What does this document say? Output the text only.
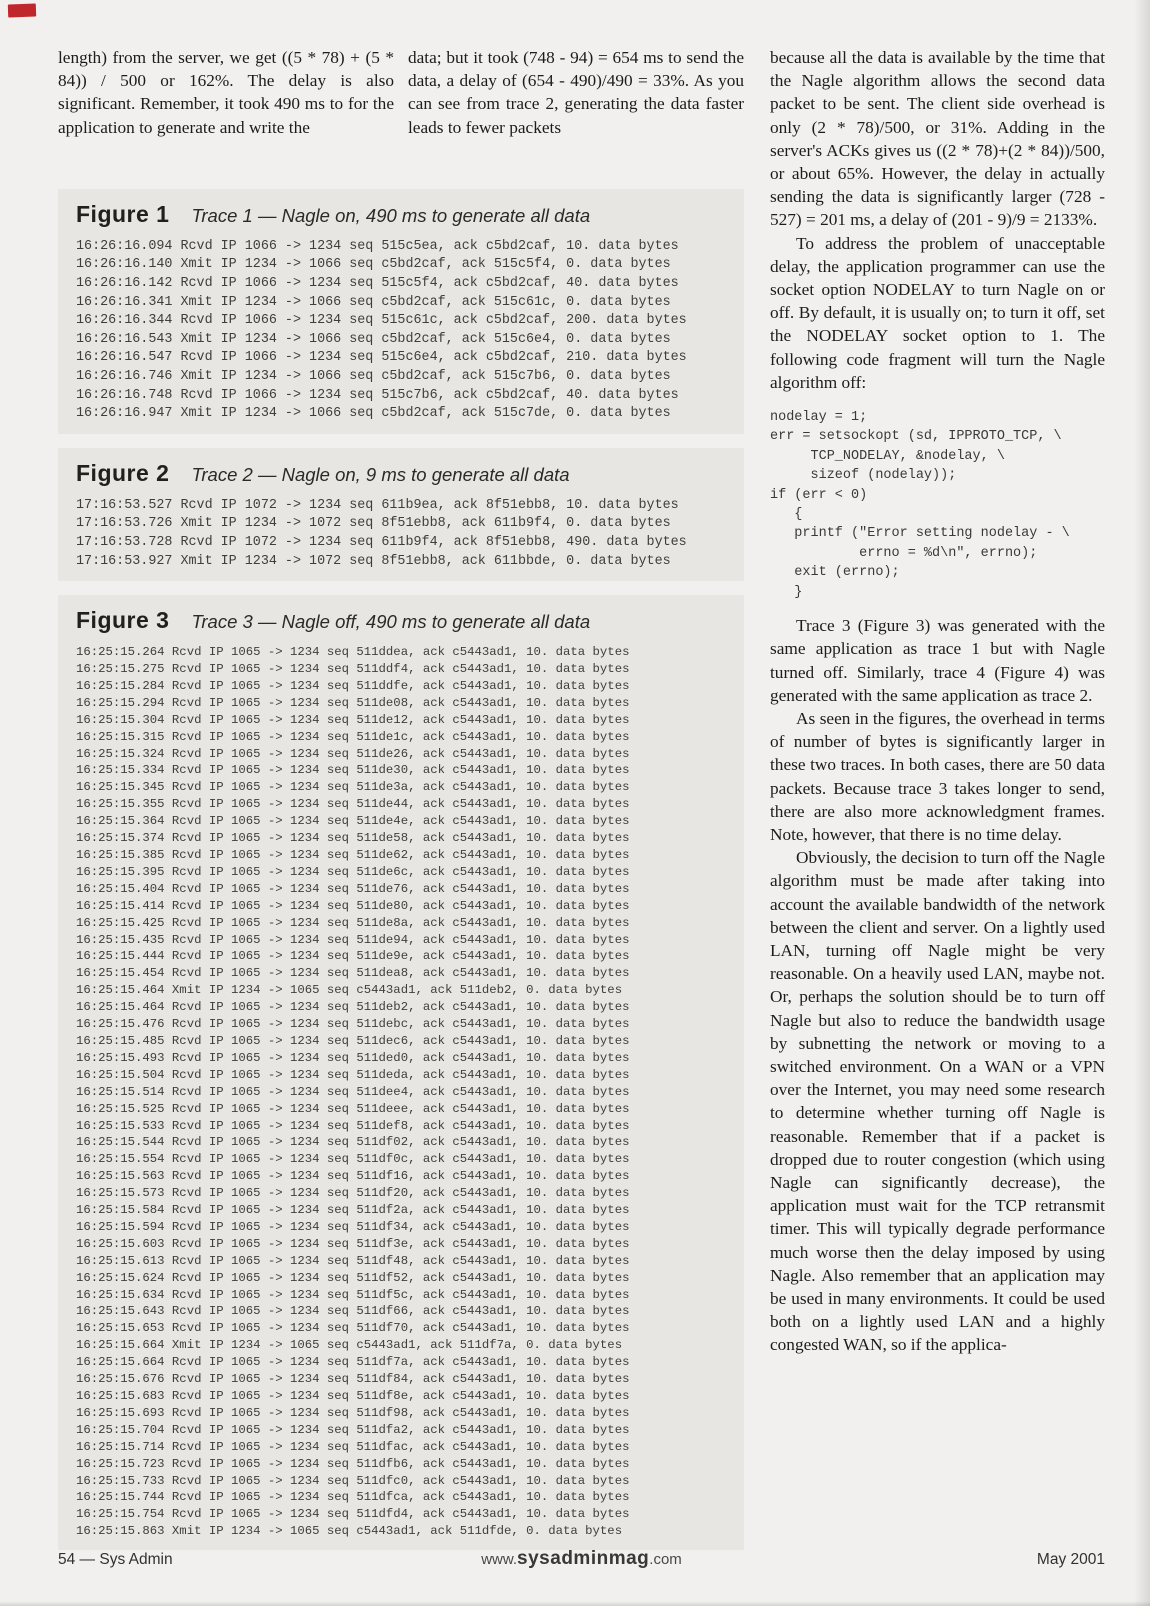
length) from the server, we get ((5 * 78) + (5 * 84)) / 500 or 162%. The delay is also significant. Remember, it took 490 ms to for the application to generate and write the

data; but it took (748 - 94) = 654 ms to send the data, a delay of (654 - 490)/490 = 33%. As you can see from trace 2, generating the data faster leads to fewer packets

Figure 1 Trace 1 — Nagle on, 490 ms to generate all data
16:26:16.094 Rcvd IP 1066 -> 1234 seq 515c5ea, ack c5bd2caf, 10. data bytes
16:26:16.140 Xmit IP 1234 -> 1066 seq c5bd2caf, ack 515c5f4, 0. data bytes
16:26:16.142 Rcvd IP 1066 -> 1234 seq 515c5f4, ack c5bd2caf, 40. data bytes
16:26:16.341 Xmit IP 1234 -> 1066 seq c5bd2caf, ack 515c61c, 0. data bytes
16:26:16.344 Rcvd IP 1066 -> 1234 seq 515c61c, ack c5bd2caf, 200. data bytes
16:26:16.543 Xmit IP 1234 -> 1066 seq c5bd2caf, ack 515c6e4, 0. data bytes
16:26:16.547 Rcvd IP 1066 -> 1234 seq 515c6e4, ack c5bd2caf, 210. data bytes
16:26:16.746 Xmit IP 1234 -> 1066 seq c5bd2caf, ack 515c7b6, 0. data bytes
16:26:16.748 Rcvd IP 1066 -> 1234 seq 515c7b6, ack c5bd2caf, 40. data bytes
16:26:16.947 Xmit IP 1234 -> 1066 seq c5bd2caf, ack 515c7de, 0. data bytes
Figure 2 Trace 2 — Nagle on, 9 ms to generate all data
17:16:53.527 Rcvd IP 1072 -> 1234 seq 611b9ea, ack 8f51ebb8, 10. data bytes
17:16:53.726 Xmit IP 1234 -> 1072 seq 8f51ebb8, ack 611b9f4, 0. data bytes
17:16:53.728 Rcvd IP 1072 -> 1234 seq 611b9f4, ack 8f51ebb8, 490. data bytes
17:16:53.927 Xmit IP 1234 -> 1072 seq 8f51ebb8, ack 611bbde, 0. data bytes
Figure 3 Trace 3 — Nagle off, 490 ms to generate all data
16:25:15.264 Rcvd IP 1065 -> 1234 seq 511ddea, ack c5443ad1, 10. data bytes
16:25:15.275 Rcvd IP 1065 -> 1234 seq 511ddf4, ack c5443ad1, 10. data bytes
16:25:15.284 Rcvd IP 1065 -> 1234 seq 511ddfe, ack c5443ad1, 10. data bytes
16:25:15.294 Rcvd IP 1065 -> 1234 seq 511de08, ack c5443ad1, 10. data bytes
16:25:15.304 Rcvd IP 1065 -> 1234 seq 511de12, ack c5443ad1, 10. data bytes
16:25:15.315 Rcvd IP 1065 -> 1234 seq 511de1c, ack c5443ad1, 10. data bytes
16:25:15.324 Rcvd IP 1065 -> 1234 seq 511de26, ack c5443ad1, 10. data bytes
16:25:15.334 Rcvd IP 1065 -> 1234 seq 511de30, ack c5443ad1, 10. data bytes
16:25:15.345 Rcvd IP 1065 -> 1234 seq 511de3a, ack c5443ad1, 10. data bytes
16:25:15.355 Rcvd IP 1065 -> 1234 seq 511de44, ack c5443ad1, 10. data bytes
16:25:15.364 Rcvd IP 1065 -> 1234 seq 511de4e, ack c5443ad1, 10. data bytes
16:25:15.374 Rcvd IP 1065 -> 1234 seq 511de58, ack c5443ad1, 10. data bytes
16:25:15.385 Rcvd IP 1065 -> 1234 seq 511de62, ack c5443ad1, 10. data bytes
16:25:15.395 Rcvd IP 1065 -> 1234 seq 511de6c, ack c5443ad1, 10. data bytes
16:25:15.404 Rcvd IP 1065 -> 1234 seq 511de76, ack c5443ad1, 10. data bytes
16:25:15.414 Rcvd IP 1065 -> 1234 seq 511de80, ack c5443ad1, 10. data bytes
16:25:15.425 Rcvd IP 1065 -> 1234 seq 511de8a, ack c5443ad1, 10. data bytes
16:25:15.435 Rcvd IP 1065 -> 1234 seq 511de94, ack c5443ad1, 10. data bytes
16:25:15.444 Rcvd IP 1065 -> 1234 seq 511de9e, ack c5443ad1, 10. data bytes
16:25:15.454 Rcvd IP 1065 -> 1234 seq 511dea8, ack c5443ad1, 10. data bytes
16:25:15.464 Xmit IP 1234 -> 1065 seq c5443ad1, ack 511deb2, 0. data bytes
16:25:15.464 Rcvd IP 1065 -> 1234 seq 511deb2, ack c5443ad1, 10. data bytes
16:25:15.476 Rcvd IP 1065 -> 1234 seq 511debc, ack c5443ad1, 10. data bytes
16:25:15.485 Rcvd IP 1065 -> 1234 seq 511dec6, ack c5443ad1, 10. data bytes
16:25:15.493 Rcvd IP 1065 -> 1234 seq 511ded0, ack c5443ad1, 10. data bytes
16:25:15.504 Rcvd IP 1065 -> 1234 seq 511deda, ack c5443ad1, 10. data bytes
16:25:15.514 Rcvd IP 1065 -> 1234 seq 511dee4, ack c5443ad1, 10. data bytes
16:25:15.525 Rcvd IP 1065 -> 1234 seq 511deee, ack c5443ad1, 10. data bytes
16:25:15.533 Rcvd IP 1065 -> 1234 seq 511def8, ack c5443ad1, 10. data bytes
16:25:15.544 Rcvd IP 1065 -> 1234 seq 511df02, ack c5443ad1, 10. data bytes
16:25:15.554 Rcvd IP 1065 -> 1234 seq 511df0c, ack c5443ad1, 10. data bytes
16:25:15.563 Rcvd IP 1065 -> 1234 seq 511df16, ack c5443ad1, 10. data bytes
16:25:15.573 Rcvd IP 1065 -> 1234 seq 511df20, ack c5443ad1, 10. data bytes
16:25:15.584 Rcvd IP 1065 -> 1234 seq 511df2a, ack c5443ad1, 10. data bytes
16:25:15.594 Rcvd IP 1065 -> 1234 seq 511df34, ack c5443ad1, 10. data bytes
16:25:15.603 Rcvd IP 1065 -> 1234 seq 511df3e, ack c5443ad1, 10. data bytes
16:25:15.613 Rcvd IP 1065 -> 1234 seq 511df48, ack c5443ad1, 10. data bytes
16:25:15.624 Rcvd IP 1065 -> 1234 seq 511df52, ack c5443ad1, 10. data bytes
16:25:15.634 Rcvd IP 1065 -> 1234 seq 511df5c, ack c5443ad1, 10. data bytes
16:25:15.643 Rcvd IP 1065 -> 1234 seq 511df66, ack c5443ad1, 10. data bytes
16:25:15.653 Rcvd IP 1065 -> 1234 seq 511df70, ack c5443ad1, 10. data bytes
16:25:15.664 Xmit IP 1234 -> 1065 seq c5443ad1, ack 511df7a, 0. data bytes
16:25:15.664 Rcvd IP 1065 -> 1234 seq 511df7a, ack c5443ad1, 10. data bytes
16:25:15.676 Rcvd IP 1065 -> 1234 seq 511df84, ack c5443ad1, 10. data bytes
16:25:15.683 Rcvd IP 1065 -> 1234 seq 511df8e, ack c5443ad1, 10. data bytes
16:25:15.693 Rcvd IP 1065 -> 1234 seq 511df98, ack c5443ad1, 10. data bytes
16:25:15.704 Rcvd IP 1065 -> 1234 seq 511dfa2, ack c5443ad1, 10. data bytes
16:25:15.714 Rcvd IP 1065 -> 1234 seq 511dfac, ack c5443ad1, 10. data bytes
16:25:15.723 Rcvd IP 1065 -> 1234 seq 511dfb6, ack c5443ad1, 10. data bytes
16:25:15.733 Rcvd IP 1065 -> 1234 seq 511dfc0, ack c5443ad1, 10. data bytes
16:25:15.744 Rcvd IP 1065 -> 1234 seq 511dfca, ack c5443ad1, 10. data bytes
16:25:15.754 Rcvd IP 1065 -> 1234 seq 511dfd4, ack c5443ad1, 10. data bytes
16:25:15.863 Xmit IP 1234 -> 1065 seq c5443ad1, ack 511dfde, 0. data bytes

because all the data is available by the time that the Nagle algorithm allows the second data packet to be sent. The client side overhead is only (2 * 78)/500, or 31%. Adding in the server's ACKs gives us ((2 * 78)+(2 * 84))/500, or about 65%. However, the delay in actually sending the data is significantly larger (728 - 527) = 201 ms, a delay of (201 - 9)/9 = 2133%.

To address the problem of unacceptable delay, the application programmer can use the socket option NODELAY to turn Nagle on or off. By default, it is usually on; to turn it off, set the NODELAY socket option to 1. The following code fragment will turn the Nagle algorithm off:

nodelay = 1;
err = setsockopt (sd, IPPROTO_TCP, \
TCP_NODELAY, &nodelay, \
sizeof (nodelay));
if (err < 0)
{
printf ("Error setting nodelay - \
errno = %d\n", errno);
exit (errno);
}

Trace 3 (Figure 3) was generated with the same application as trace 1 but with Nagle turned off. Similarly, trace 4 (Figure 4) was generated with the same application as trace 2.

As seen in the figures, the overhead in terms of number of bytes is significantly larger in these two traces. In both cases, there are 50 data packets. Because trace 3 takes longer to send, there are also more acknowledgment frames. Note, however, that there is no time delay.

Obviously, the decision to turn off the Nagle algorithm must be made after taking into account the available bandwidth of the network between the client and server. On a lightly used LAN, turning off Nagle might be very reasonable. On a heavily used LAN, maybe not. Or, perhaps the solution should be to turn off Nagle but also to reduce the bandwidth usage by subnetting the network or moving to a switched environment. On a WAN or a VPN over the Internet, you may need some research to determine whether turning off Nagle is reasonable. Remember that if a packet is dropped due to router congestion (which using Nagle can significantly decrease), the application must wait for the TCP retransmit timer. This will typically degrade performance much worse then the delay imposed by using Nagle. Also remember that an application may be used in many environments. It could be used both on a lightly used LAN and a highly congested WAN, so if the applica-

54 — Sys Admin	www.sysadminmag.com	May 2001
